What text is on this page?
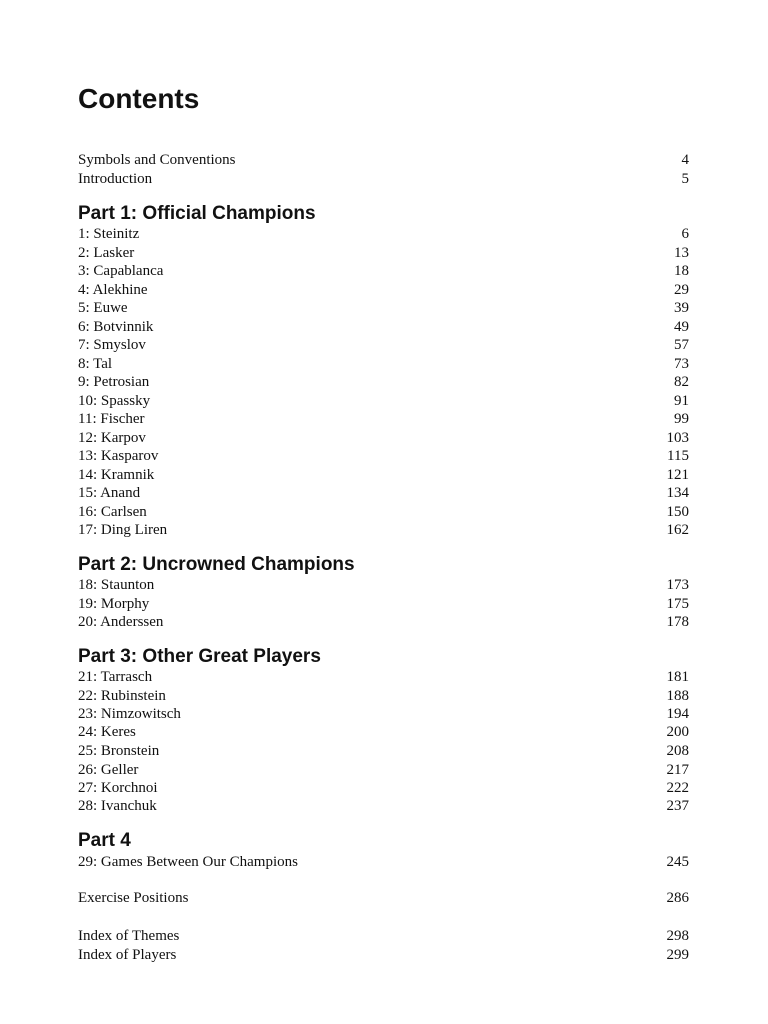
Contents
Symbols and Conventions	4
Introduction	5
Part 1: Official Champions
1: Steinitz	6
2: Lasker	13
3: Capablanca	18
4: Alekhine	29
5: Euwe	39
6: Botvinnik	49
7: Smyslov	57
8: Tal	73
9: Petrosian	82
10: Spassky	91
11: Fischer	99
12: Karpov	103
13: Kasparov	115
14: Kramnik	121
15: Anand	134
16: Carlsen	150
17: Ding Liren	162
Part 2: Uncrowned Champions
18: Staunton	173
19: Morphy	175
20: Anderssen	178
Part 3: Other Great Players
21: Tarrasch	181
22: Rubinstein	188
23: Nimzowitsch	194
24: Keres	200
25: Bronstein	208
26: Geller	217
27: Korchnoi	222
28: Ivanchuk	237
Part 4
29: Games Between Our Champions	245
Exercise Positions	286
Index of Themes	298
Index of Players	299
